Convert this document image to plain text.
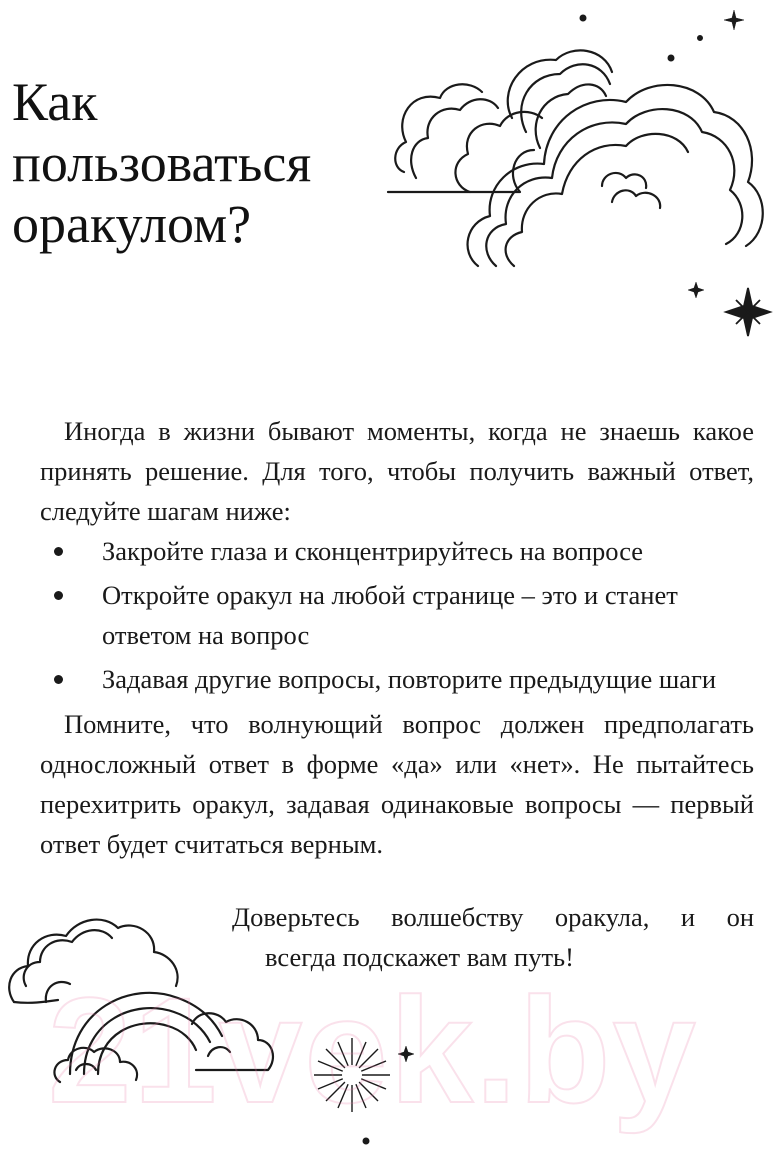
Как
пользоваться
оракулом?

Иногда в жизни бывают моменты, когда не знаешь какое принять решение. Для того, чтобы получить важный ответ, следуйте шагам ниже:

Закройте глаза и сконцентрируйтесь на вопросе
Откройте оракул на любой странице – это и станет ответом на вопрос
Задавая другие вопросы, повторите предыдущие шаги

Помните, что волнующий вопрос должен предполагать односложный ответ в форме «да» или «нет». Не пытайтесь перехитрить оракул, задавая одинаковые вопросы — первый ответ будет считаться верным.

Доверьтесь волшебству оракула, и он
всегда подскажет вам путь!

21vek.by
